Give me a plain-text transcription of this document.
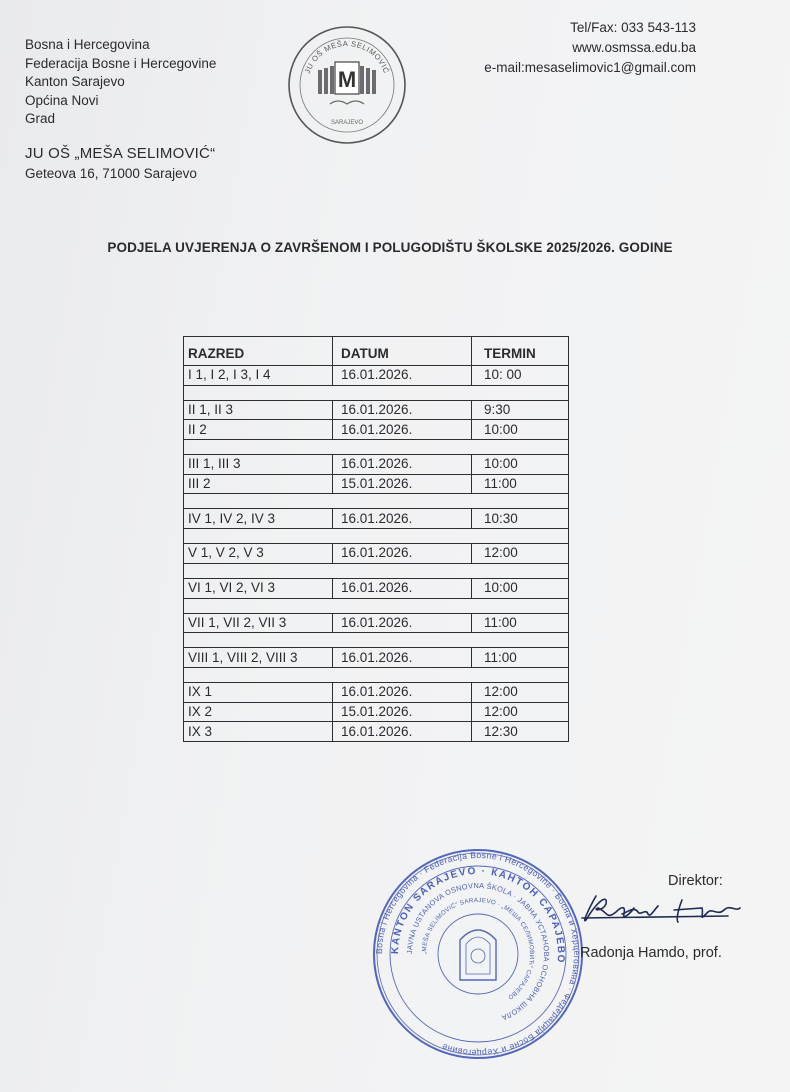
Bosna i Hercegovina
Federacija Bosne i Hercegovine
Kanton Sarajevo
Općina Novi
Grad
JU OŠ „MEŠA SELIMOVIĆ“
Geteova 16, 71000 Sarajevo
JU OŠ MEŠA SELIMOVIĆ
M
SARAJEVO
Tel/Fax: 033 543-113
www.osmssa.edu.ba
e-mail:mesaselimovic1@gmail.com
PODJELA UVJERENJA O ZAVRŠENOM I POLUGODIŠTU ŠKOLSKE 2025/2026. GODINE
RAZRED	DATUM	TERMIN
I 1, I 2, I 3, I 4	16.01.2026.	10: 00

II 1, II 3	16.01.2026.	9:30
II 2	16.01.2026.	10:00

III 1, III 3	16.01.2026.	10:00
III 2	15.01.2026.	11:00

IV 1, IV 2, IV 3	16.01.2026.	10:30

V 1, V 2, V 3	16.01.2026.	12:00

VI 1, VI 2, VI 3	16.01.2026.	10:00

VII 1, VII 2, VII 3	16.01.2026.	11:00

VIII 1, VIII 2, VIII 3	16.01.2026.	11:00

IX 1	16.01.2026.	12:00
IX 2	15.01.2026.	12:00
IX 3	16.01.2026.	12:30
Bosna i Hercegovina · Federacija Bosne i Hercegovine · Босна и Херцеговина · Федерација Босне и Херцеговине
KANTON SARAJEVO · КАНТОН САРАЈЕВО
JAVNA USTANOVA OSNOVNA ŠKOLA · ЈАВНА УСТАНОВА ОСНОВНА ШКОЛА
„MEŠA SELIMOVIĆ“ SARAJEVO · „МЕША СЕЛИМОВИЋ“ САРАЈЕВО
Direktor:
Radonja Hamdo, prof.
